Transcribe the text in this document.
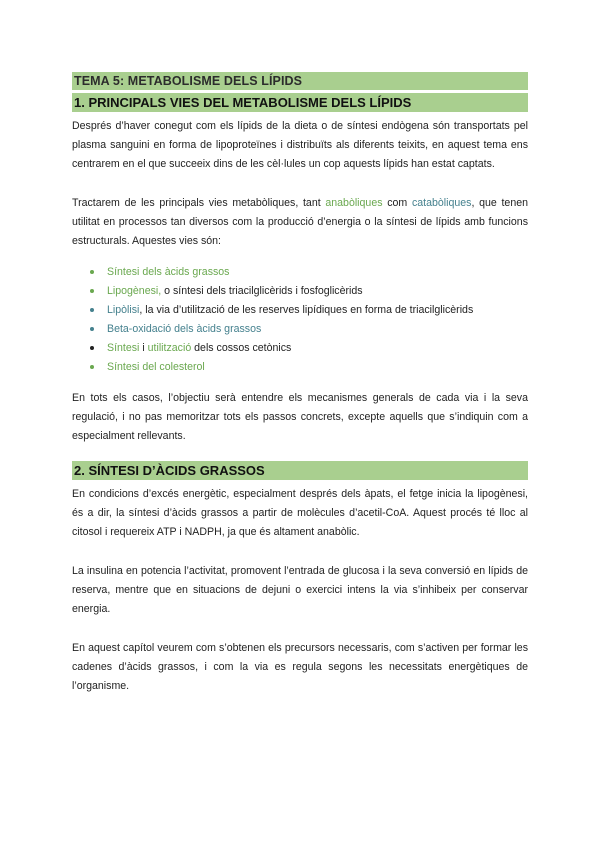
TEMA 5: METABOLISME DELS LÍPIDS
1. PRINCIPALS VIES DEL METABOLISME DELS LÍPIDS

Després d’haver conegut com els lípids de la dieta o de síntesi endògena són transportats pel plasma sanguini en forma de lipoproteïnes i distribuïts als diferents teixits, en aquest tema ens centrarem en el que succeeix dins de les cèl·lules un cop aquests lípids han estat captats.

Tractarem de les principals vies metabòliques, tant anabòliques com catabòliques, que tenen utilitat en processos tan diversos com la producció d’energia o la síntesi de lípids amb funcions estructurals. Aquestes vies són:

Síntesi dels àcids grassos
Lipogènesi, o síntesi dels triacilglicèrids i fosfoglicèrids
Lipòlisi, la via d’utilització de les reserves lipídiques en forma de triacilglicèrids
Beta-oxidació dels àcids grassos
Síntesi i utilització dels cossos cetònics
Síntesi del colesterol

En tots els casos, l’objectiu serà entendre els mecanismes generals de cada via i la seva regulació, i no pas memoritzar tots els passos concrets, excepte aquells que s’indiquin com a especialment rellevants.

2. SÍNTESI D’ÀCIDS GRASSOS

En condicions d’excés energètic, especialment després dels àpats, el fetge inicia la lipogènesi, és a dir, la síntesi d’àcids grassos a partir de molècules d’acetil-CoA. Aquest procés té lloc al citosol i requereix ATP i NADPH, ja que és altament anabòlic.

La insulina en potencia l’activitat, promovent l’entrada de glucosa i la seva conversió en lípids de reserva, mentre que en situacions de dejuni o exercici intens la via s’inhibeix per conservar energia.

En aquest capítol veurem com s’obtenen els precursors necessaris, com s’activen per formar les cadenes d’àcids grassos, i com la via es regula segons les necessitats energètiques de l’organisme.
